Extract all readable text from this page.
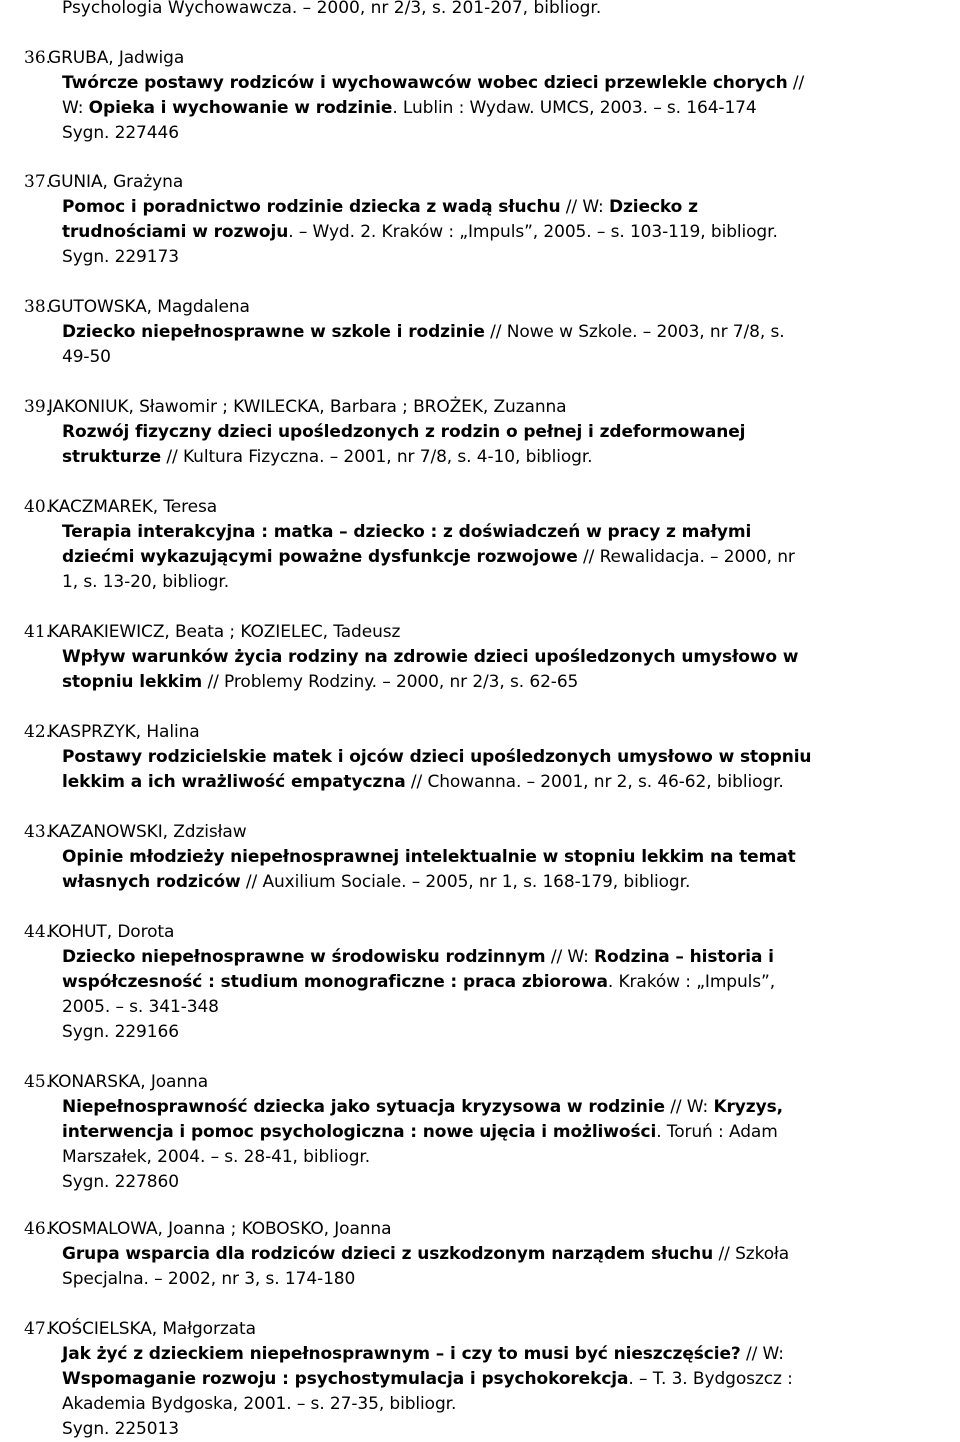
Psychologia Wychowawcza. – 2000, nr 2/3, s. 201-207, bibliogr.

36.
GRUBA, Jadwiga
Twórcze postawy rodziców i wychowawców wobec dzieci przewlekle chorych //
W: Opieka i wychowanie w rodzinie. Lublin : Wydaw. UMCS, 2003. – s. 164-174
Sygn. 227446
37.
GUNIA, Grażyna
Pomoc i poradnictwo rodzinie dziecka z wadą słuchu // W: Dziecko z
trudnościami w rozwoju. – Wyd. 2. Kraków : „Impuls”, 2005. – s. 103-119, bibliogr.
Sygn. 229173
38.
GUTOWSKA, Magdalena
Dziecko niepełnosprawne w szkole i rodzinie // Nowe w Szkole. – 2003, nr 7/8, s.
49-50
39.
JAKONIUK, Sławomir ; KWILECKA, Barbara ; BROŻEK, Zuzanna
Rozwój fizyczny dzieci upośledzonych z rodzin o pełnej i zdeformowanej
strukturze // Kultura Fizyczna. – 2001, nr 7/8, s. 4-10, bibliogr.
40.
KACZMAREK, Teresa
Terapia interakcyjna : matka – dziecko : z doświadczeń w pracy z małymi
dziećmi wykazującymi poważne dysfunkcje rozwojowe // Rewalidacja. – 2000, nr
1, s. 13-20, bibliogr.
41.
KARAKIEWICZ, Beata ; KOZIELEC, Tadeusz
Wpływ warunków życia rodziny na zdrowie dzieci upośledzonych umysłowo w
stopniu lekkim // Problemy Rodziny. – 2000, nr 2/3, s. 62-65
42.
KASPRZYK, Halina
Postawy rodzicielskie matek i ojców dzieci upośledzonych umysłowo w stopniu
lekkim a ich wrażliwość empatyczna // Chowanna. – 2001, nr 2, s. 46-62, bibliogr.
43.
KAZANOWSKI, Zdzisław
Opinie młodzieży niepełnosprawnej intelektualnie w stopniu lekkim na temat
własnych rodziców // Auxilium Sociale. – 2005, nr 1, s. 168-179, bibliogr.
44.
KOHUT, Dorota
Dziecko niepełnosprawne w środowisku rodzinnym // W: Rodzina – historia i
współczesność : studium monograficzne : praca zbiorowa. Kraków : „Impuls”,
2005. – s. 341-348
Sygn. 229166
45.
KONARSKA, Joanna
Niepełnosprawność dziecka jako sytuacja kryzysowa w rodzinie // W: Kryzys,
interwencja i pomoc psychologiczna : nowe ujęcia i możliwości. Toruń : Adam
Marszałek, 2004. – s. 28-41, bibliogr.
Sygn. 227860
46.
KOSMALOWA, Joanna ; KOBOSKO, Joanna
Grupa wsparcia dla rodziców dzieci z uszkodzonym narządem słuchu // Szkoła
Specjalna. – 2002, nr 3, s. 174-180
47.
KOŚCIELSKA, Małgorzata
Jak żyć z dzieckiem niepełnosprawnym – i czy to musi być nieszczęście? // W:
Wspomaganie rozwoju : psychostymulacja i psychokorekcja. – T. 3. Bydgoszcz :
Akademia Bydgoska, 2001. – s. 27-35, bibliogr.
Sygn. 225013
